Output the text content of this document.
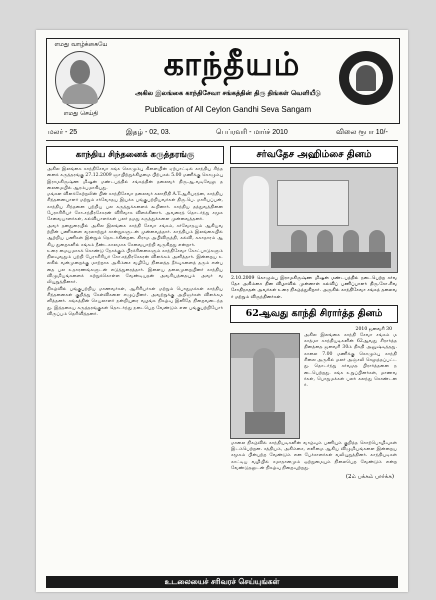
எமது வாழ்க்கையே
எமது செய்தி
காந்தீயம்
அகில இலங்கை காந்திசேவா சங்கத்தின் திரு திங்கள் வெளியீடு
Publication of All Ceylon Gandhi Seva Sangam
மலர் - 25	இதழ் - 02, 03.	பெப்ரவரி - மார்ச் 2010	விலை ரூபா 10/-
காந்திய சிந்தனைக் கருத்தரங்கு

அகில இலங்கை காந்திசேவா சங்க கொழும்பு கிளையின் ஏற்பாட்டில் காந்திய சிந்தனைக் கருத்தரங்கு 27.12.2009 ஞாயிற்றுக்கிழமை பிற்பகல் 5.00 மணிக்கு கொழும்பு இராமகிருஷ்ண மிஷன் மண்டபத்தில் சங்கத்தின் தலைவர் திரு.ஆ.வடிவேலு தலைமையில் ஆரம்பமாகியது.

மங்கள விளக்கேற்றலின் பின் காந்திசேவா தலைவர் கலாநிதி A.T.ஆரியரத்ன, காந்திய சிந்தனையாளர் மற்றும் சர்வோதய இயக்க பங்குபற்றியவர்கள் திரு.பெ. மாரியப்பன், காந்திய சிந்தனை பற்றிய பல கருத்துக்களைக் கூறினார். காந்திய தத்துவத்தினை பேராசிரியர் சோ.சந்திரசேகரன் விரிவாக விளக்கினார். அவரைத் தொடர்ந்து சமூக சேவையாளர்கள், கல்வியாளர்கள் பலர் தமது கருத்துக்களை முன்வைத்தனர்.

அவர் தனதுரையில் அகில இலங்கை காந்தி சேவா சங்கம், சர்வோதயம் ஆகியவற்றின் பணிகளை வரலாற்றுச் சான்றுகளுடன் முன்வைத்தார். காந்தியம் இலங்கையில் ஆற்றிய பணிகள் இன்றும் தொடர்கின்றன. கிராம அபிவிருத்தி, கல்வி, சுகாதாரம் ஆகிய துறைகளில் சங்கம் நீண்டகாலமாக சேவையாற்றி வருகிறது என்றார்.

உரை மையமாகக் கொண்டு நோக்கும் பிரச்சினைகளும் காந்திசேவா கோட்பாடுகளும் நிலவுவதும் பற்றி பேராசிரியர் சோ.சந்திரசேகரன் விளக்கம் அளித்தார். இன்றைய உலகில் வன்முறைக்கு மாற்றாக அகிம்சை வழியே நிலைத்த தீர்வுகளைத் தரும் என்பதை பல உதாரணங்களுடன் எடுத்துரைத்தார். இளைய தலைமுறையினர் காந்திய விழுமியங்களைக் கற்றுக்கொள்ள வேண்டியதன் அவசியத்தையும் அவர் வலியுறுத்தினார்.

நிகழ்வில் பங்குபற்றிய மாணவர்கள், ஆசிரியர்கள் மற்றும் பொதுமக்கள் காந்திய சிந்தனைகள் குறித்து கேள்விகளை எழுப்பினர். அவற்றுக்கு அறிஞர்கள் விளக்கமளித்தனர். சங்கத்தின் செயலாளர் நன்றியுரை வழங்க நிகழ்வு இனிதே நிறைவடைந்தது. இத்தகைய கருத்தரங்குகள் தொடர்ந்து நடைபெற வேண்டும் என பங்குபற்றியோர் விருப்பம் தெரிவித்தனர்.

சர்வதேச அஹிம்சை தினம்

2.10.2009 கொழும்பு இராமகிருஷ்ண மிஷன் மண்டபத்தில் நடைபெற்ற சர்வதேச அகிம்சை தின விழாவில் முன்னாள் கல்விப் பணிப்பாளர் திரு.சோ.சிவசோதிநாதன் அவர்கள் உரை நிகழ்த்துகிறார். அருகில் காந்திசேவா சங்கத் தலைவர் மற்றும் விருந்தினர்கள்.

62ஆவது காந்தி சிரார்த்த தினம்
2010 ஜனவரி 30

அகில இலங்கை காந்தி சேவா சங்கம் மகாத்மா காந்தியடிகளின் 62ஆவது சிரார்த்த தினத்தை ஜனவரி 30ம் திகதி அனுஷ்டித்தது. காலை 7.00 மணிக்கு கொழும்பு காந்தி சிலை அருகில் மலர் அஞ்சலி செலுத்தப்பட்டது. தொடர்ந்து சர்வமத பிரார்த்தனை நடைபெற்றது. சங்க உறுப்பினர்கள், மாணவர்கள், பொதுமக்கள் பலர் கலந்து கொண்டனர்.

மாலை நிகழ்வில் காந்தியடிகளின் வாழ்வும் பணியும் குறித்த சொற்பொழிவுகள் இடம்பெற்றன. சத்தியம், அகிம்சை, எளிமை ஆகிய விழுமியங்களை இன்றைய சமூகம் பின்பற்ற வேண்டும் என பேச்சாளர்கள் வலியுறுத்தினர். காந்தியடிகள் காட்டிய வழியில் சமாதானமும் ஒற்றுமையும் நிலைபெற வேண்டும் என்ற வேண்டுதலுடன் நிகழ்வு நிறைவுற்றது.

(2ம் பக்கம் பார்க்க)
உடலையைச் சரிவரச் செய்யுங்கள்
